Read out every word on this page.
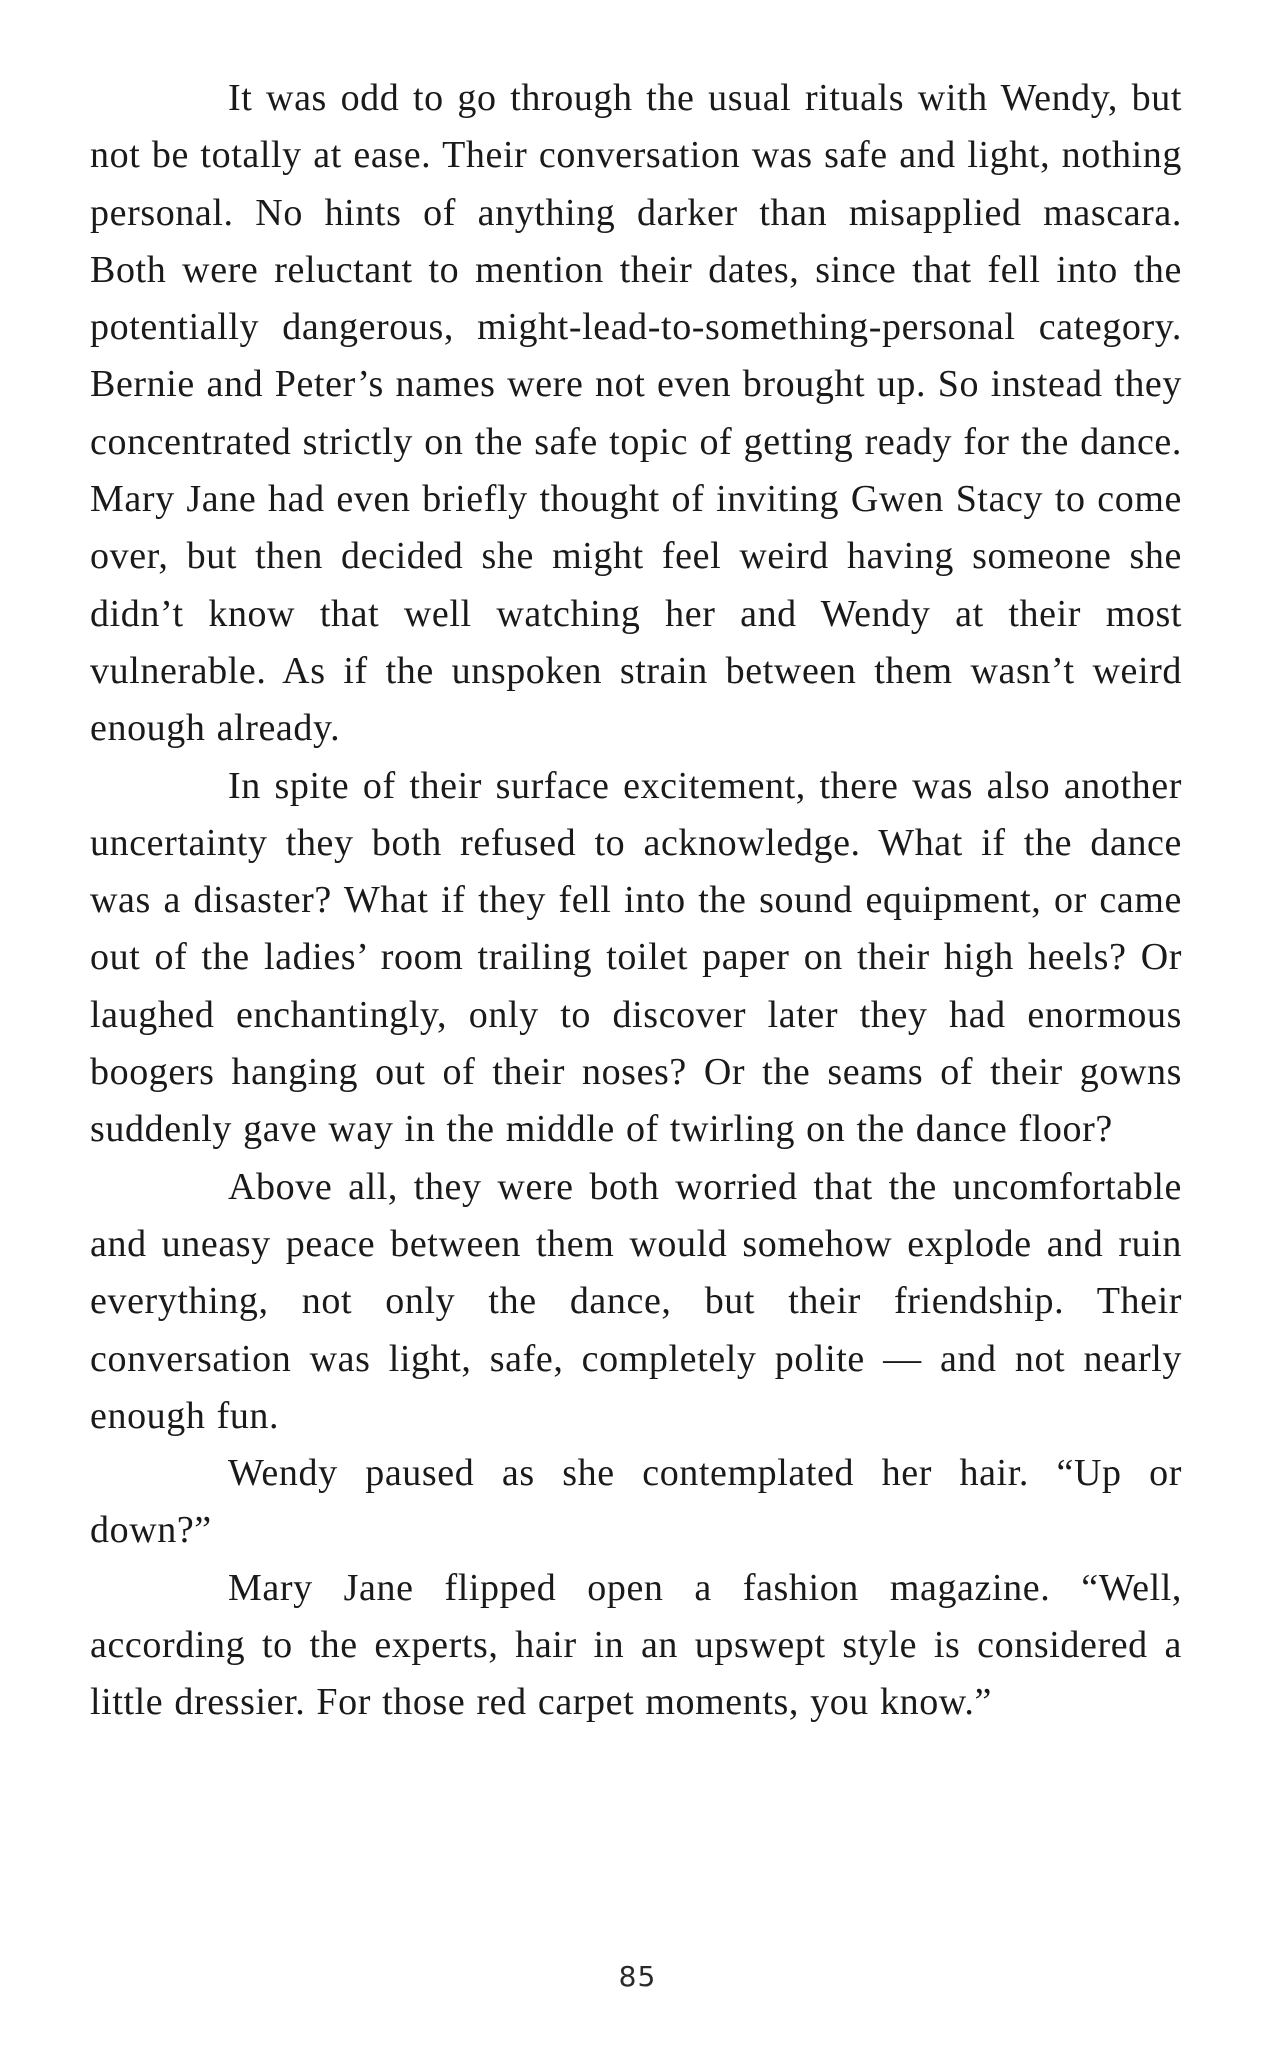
It was odd to go through the usual rituals with Wendy, but not be totally at ease. Their conversation was safe and light, nothing personal. No hints of anything darker than misapplied mascara. Both were reluctant to mention their dates, since that fell into the potentially dangerous, might-lead-to-something-personal category. Bernie and Peter’s names were not even brought up. So instead they concentrated strictly on the safe topic of getting ready for the dance. Mary Jane had even briefly thought of inviting Gwen Stacy to come over, but then decided she might feel weird having someone she didn’t know that well watching her and Wendy at their most vulnerable. As if the unspoken strain between them wasn’t weird enough already.

In spite of their surface excitement, there was also another uncertainty they both refused to acknowledge. What if the dance was a disaster? What if they fell into the sound equipment, or came out of the ladies’ room trailing toilet paper on their high heels? Or laughed enchantingly, only to discover later they had enormous boogers hanging out of their noses? Or the seams of their gowns suddenly gave way in the middle of twirling on the dance floor?

Above all, they were both worried that the uncomfortable and uneasy peace between them would somehow explode and ruin everything, not only the dance, but their friendship. Their conversation was light, safe, completely polite — and not nearly enough fun.

Wendy paused as she contemplated her hair. “Up or down?”

Mary Jane flipped open a fashion magazine. “Well, according to the experts, hair in an upswept style is considered a little dressier. For those red carpet moments, you know.”

85
